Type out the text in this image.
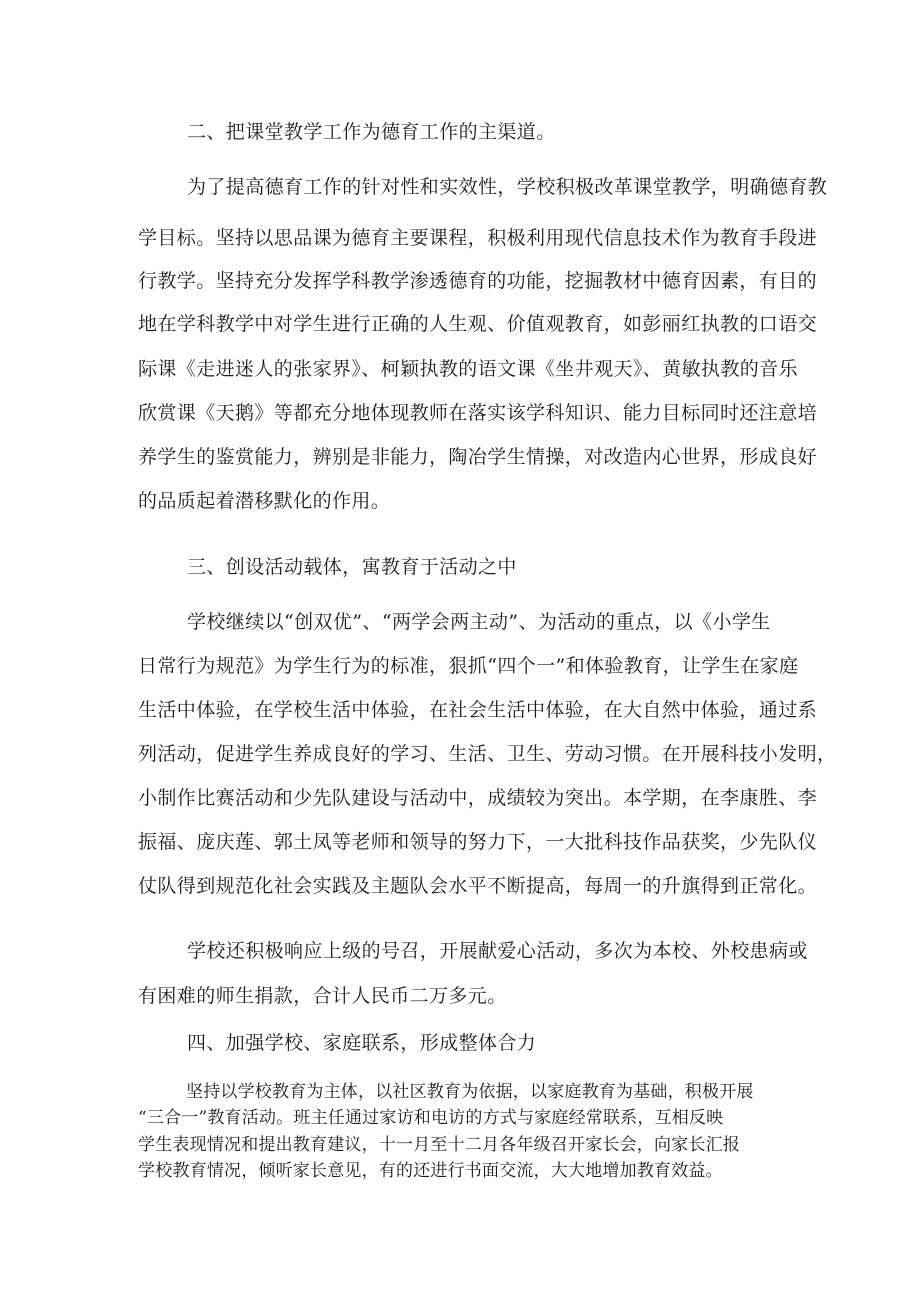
二、把课堂教学工作为德育工作的主渠道。
为了提高德育工作的针对性和实效性，学校积极改革课堂教学，明确德育教
学目标。坚持以思品课为德育主要课程，积极利用现代信息技术作为教育手段进
行教学。坚持充分发挥学科教学渗透德育的功能，挖掘教材中德育因素，有目的
地在学科教学中对学生进行正确的人生观、价值观教育，如彭丽红执教的口语交
际课《走进迷人的张家界》、柯颖执教的语文课《坐井观天》、黄敏执教的音乐
欣赏课《天鹅》等都充分地体现教师在落实该学科知识、能力目标同时还注意培
养学生的鉴赏能力，辨别是非能力，陶冶学生情操，对改造内心世界，形成良好
的品质起着潜移默化的作用。
三、创设活动载体，寓教育于活动之中
学校继续以“创双优”、“两学会两主动”、为活动的重点，以《小学生
日常行为规范》为学生行为的标准，狠抓“四个一”和体验教育，让学生在家庭
生活中体验，在学校生活中体验，在社会生活中体验，在大自然中体验，通过系
列活动，促进学生养成良好的学习、生活、卫生、劳动习惯。在开展科技小发明，
小制作比赛活动和少先队建设与活动中，成绩较为突出。本学期，在李康胜、李
振福、庞庆莲、郭土凤等老师和领导的努力下，一大批科技作品获奖，少先队仪
仗队得到规范化社会实践及主题队会水平不断提高，每周一的升旗得到正常化。
学校还积极响应上级的号召，开展献爱心活动，多次为本校、外校患病或
有困难的师生捐款，合计人民币二万多元。
四、加强学校、家庭联系，形成整体合力
坚持以学校教育为主体，以社区教育为依据，以家庭教育为基础，积极开展
“三合一”教育活动。班主任通过家访和电访的方式与家庭经常联系，互相反映
学生表现情况和提出教育建议，十一月至十二月各年级召开家长会，向家长汇报
学校教育情况，倾听家长意见，有的还进行书面交流，大大地增加教育效益。
